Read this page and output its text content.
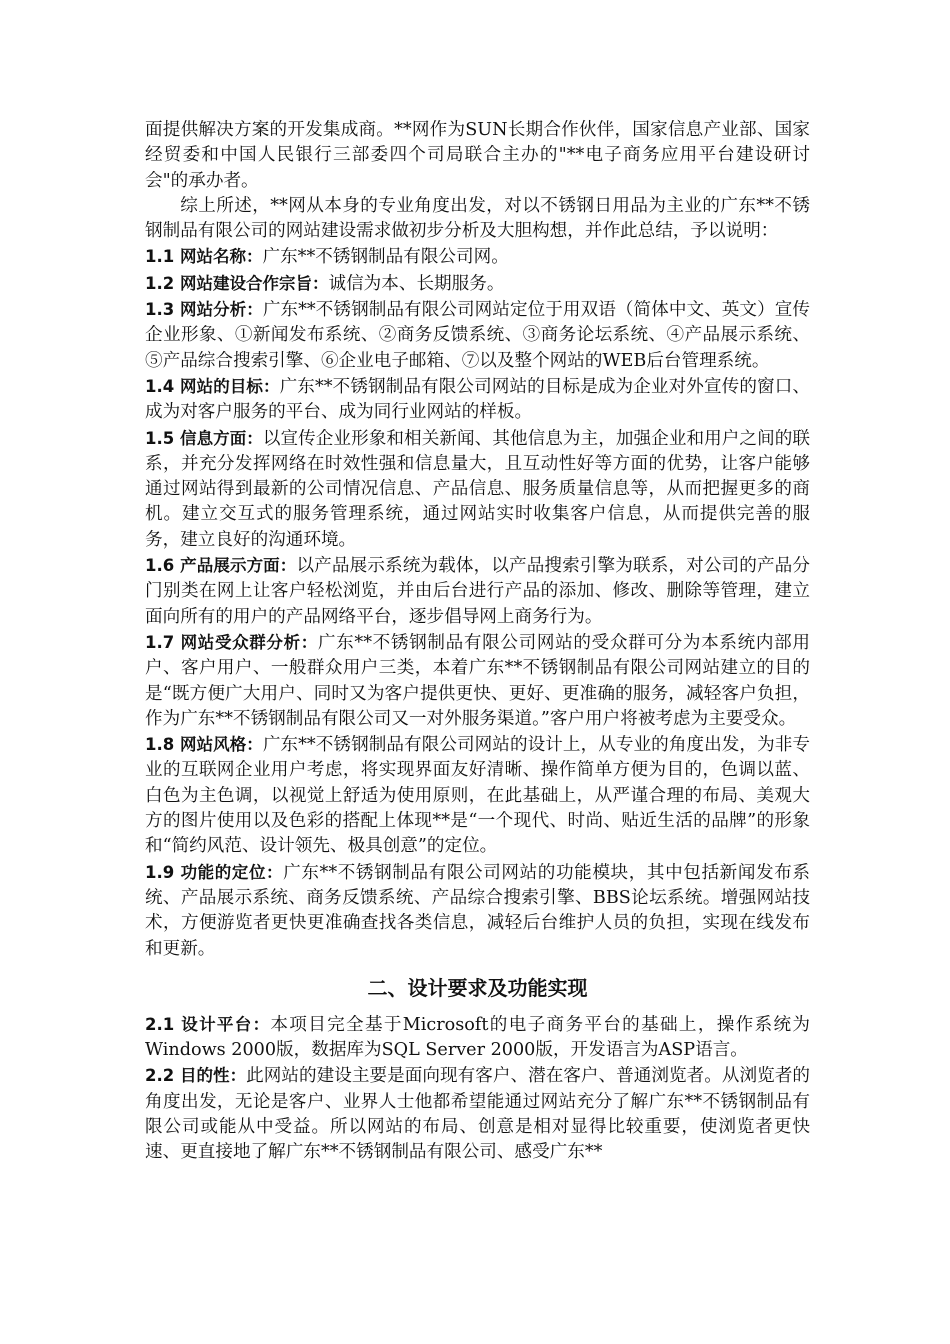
面提供解决方案的开发集成商。**网作为SUN长期合作伙伴，国家信息产业部、国家经贸委和中国人民银行三部委四个司局联合主办的"**电子商务应用平台建设研讨会"的承办者。

综上所述，**网从本身的专业角度出发，对以不锈钢日用品为主业的广东**不锈钢制品有限公司的网站建设需求做初步分析及大胆构想，并作此总结，予以说明：

1.1 网站名称：广东**不锈钢制品有限公司网。

1.2 网站建设合作宗旨：诚信为本、长期服务。

1.3 网站分析：广东**不锈钢制品有限公司网站定位于用双语（简体中文、英文）宣传企业形象、①新闻发布系统、②商务反馈系统、③商务论坛系统、④产品展示系统、⑤产品综合搜索引擎、⑥企业电子邮箱、⑦以及整个网站的WEB后台管理系统。

1.4 网站的目标：广东**不锈钢制品有限公司网站的目标是成为企业对外宣传的窗口、成为对客户服务的平台、成为同行业网站的样板。

1.5 信息方面：以宣传企业形象和相关新闻、其他信息为主，加强企业和用户之间的联系，并充分发挥网络在时效性强和信息量大，且互动性好等方面的优势，让客户能够通过网站得到最新的公司情况信息、产品信息、服务质量信息等，从而把握更多的商机。建立交互式的服务管理系统，通过网站实时收集客户信息，从而提供完善的服务，建立良好的沟通环境。

1.6 产品展示方面：以产品展示系统为载体，以产品搜索引擎为联系，对公司的产品分门别类在网上让客户轻松浏览，并由后台进行产品的添加、修改、删除等管理，建立面向所有的用户的产品网络平台，逐步倡导网上商务行为。

1.7 网站受众群分析：广东**不锈钢制品有限公司网站的受众群可分为本系统内部用户、客户用户、一般群众用户三类，本着广东**不锈钢制品有限公司网站建立的目的是“既方便广大用户、同时又为客户提供更快、更好、更准确的服务，减轻客户负担，作为广东**不锈钢制品有限公司又一对外服务渠道。”客户用户将被考虑为主要受众。

1.8 网站风格：广东**不锈钢制品有限公司网站的设计上，从专业的角度出发，为非专业的互联网企业用户考虑，将实现界面友好清晰、操作简单方便为目的，色调以蓝、白色为主色调，以视觉上舒适为使用原则，在此基础上，从严谨合理的布局、美观大方的图片使用以及色彩的搭配上体现**是“一个现代、时尚、贴近生活的品牌”的形象和“简约风范、设计领先、极具创意”的定位。

1.9 功能的定位：广东**不锈钢制品有限公司网站的功能模块，其中包括新闻发布系统、产品展示系统、商务反馈系统、产品综合搜索引擎、BBS论坛系统。增强网站技术，方便游览者更快更准确查找各类信息，减轻后台维护人员的负担，实现在线发布和更新。

二、设计要求及功能实现

2.1 设计平台：本项目完全基于Microsoft的电子商务平台的基础上，操作系统为Windows 2000版，数据库为SQL Server 2000版，开发语言为ASP语言。

2.2 目的性：此网站的建设主要是面向现有客户、潜在客户、普通浏览者。从浏览者的角度出发，无论是客户、业界人士他都希望能通过网站充分了解广东**不锈钢制品有限公司或能从中受益。所以网站的布局、创意是相对显得比较重要，使浏览者更快速、更直接地了解广东**不锈钢制品有限公司、感受广东**
